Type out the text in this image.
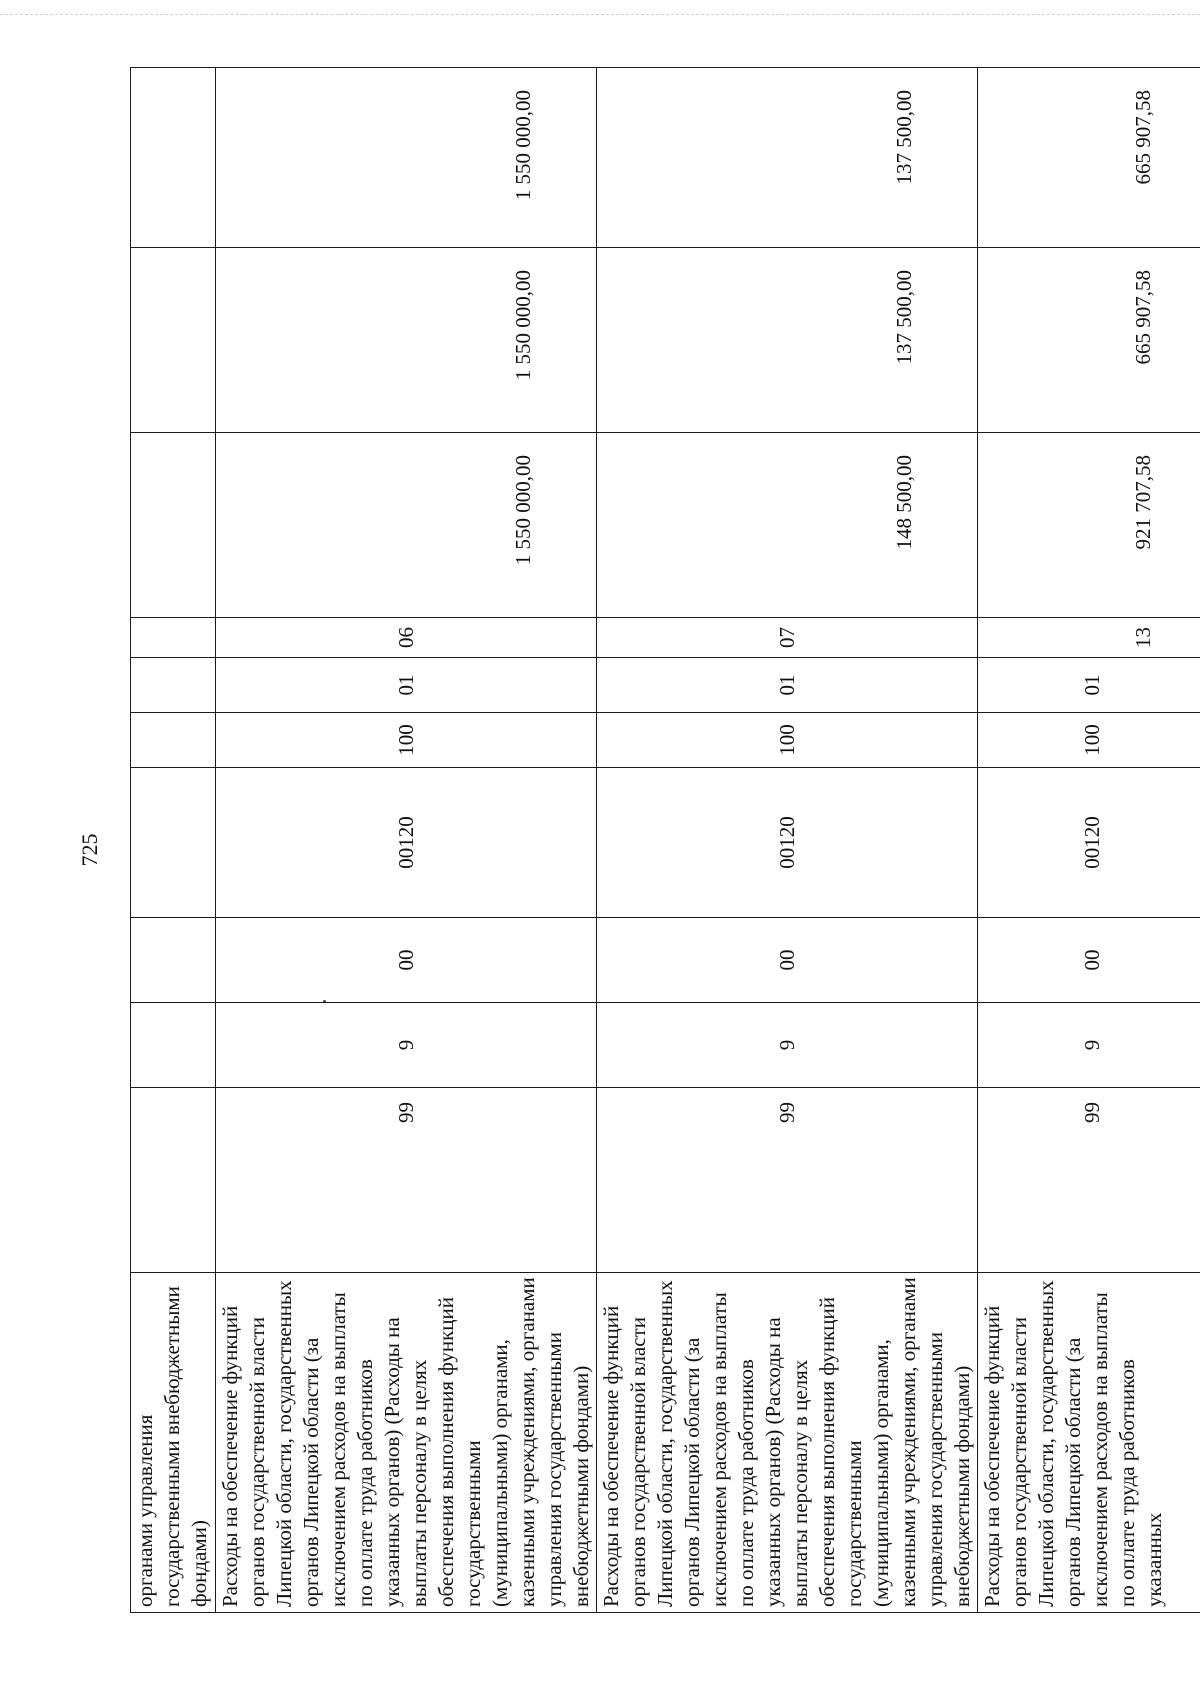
725
органами управления государственными внебюджетными фондами)										
Расходы на обеспечение функций органов государственной власти Липецкой области, государственных органов Липецкой области (за исключением расходов на выплаты по оплате труда работников указанных органов) (Расходы на выплаты персоналу в целях обеспечения выполнения функций государственными (муниципальными) органами, казенными учреждениями, органами управления государственными внебюджетными фондами)	99	9	00	00120	100	01	06	1 550 000,00	1 550 000,00	1 550 000,00
Расходы на обеспечение функций органов государственной власти Липецкой области, государственных органов Липецкой области (за исключением расходов на выплаты по оплате труда работников указанных органов) (Расходы на выплаты персоналу в целях обеспечения выполнения функций государственными (муниципальными) органами, казенными учреждениями, органами управления государственными внебюджетными фондами)	99	9	00	00120	100	01	07	148 500,00	137 500,00	137 500,00
Расходы на обеспечение функций органов государственной власти Липецкой области, государственных органов Липецкой области (за исключением расходов на выплаты по оплате труда работников указанных	99	9	00	00120	100	01	13	921 707,58	665 907,58	665 907,58
